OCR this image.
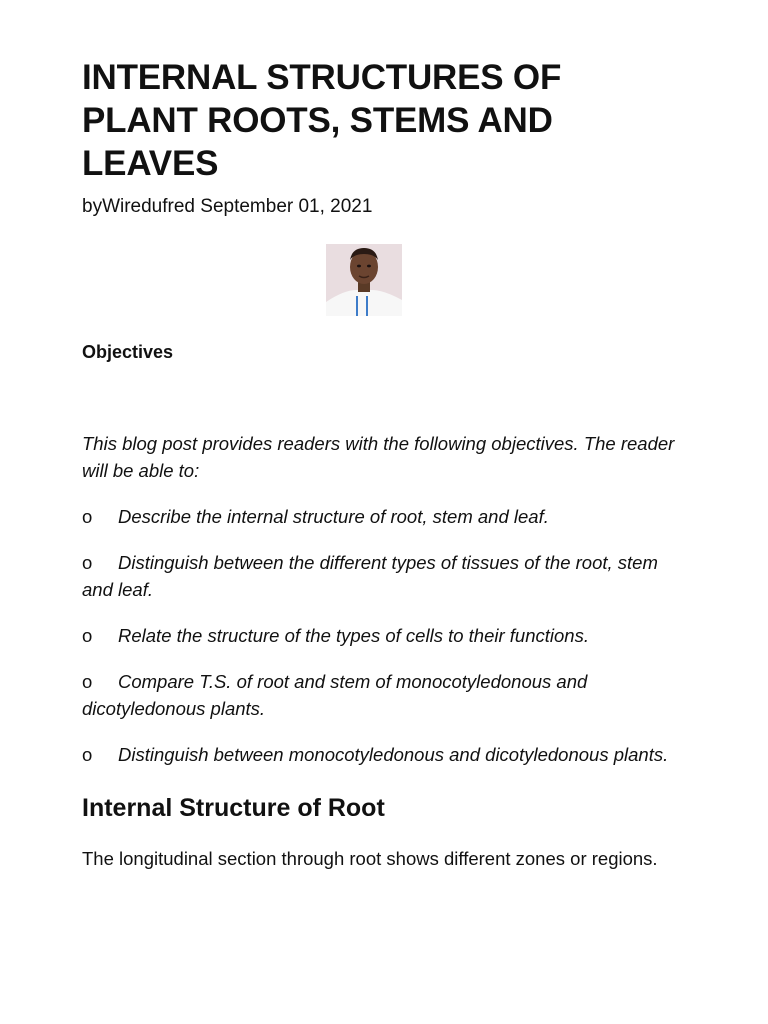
INTERNAL STRUCTURES OF PLANT ROOTS, STEMS AND LEAVES
byWiredufred September 01, 2021
Objectives
This blog post provides readers with the following objectives. The reader will be able to:
o Describe the internal structure of root, stem and leaf.
o Distinguish between the different types of tissues of the root, stem and leaf.
o Relate the structure of the types of cells to their functions.
o Compare T.S. of root and stem of monocotyledonous and dicotyledonous plants.
o Distinguish between monocotyledonous and dicotyledonous plants.
Internal Structure of Root
The longitudinal section through root shows different zones or regions.
